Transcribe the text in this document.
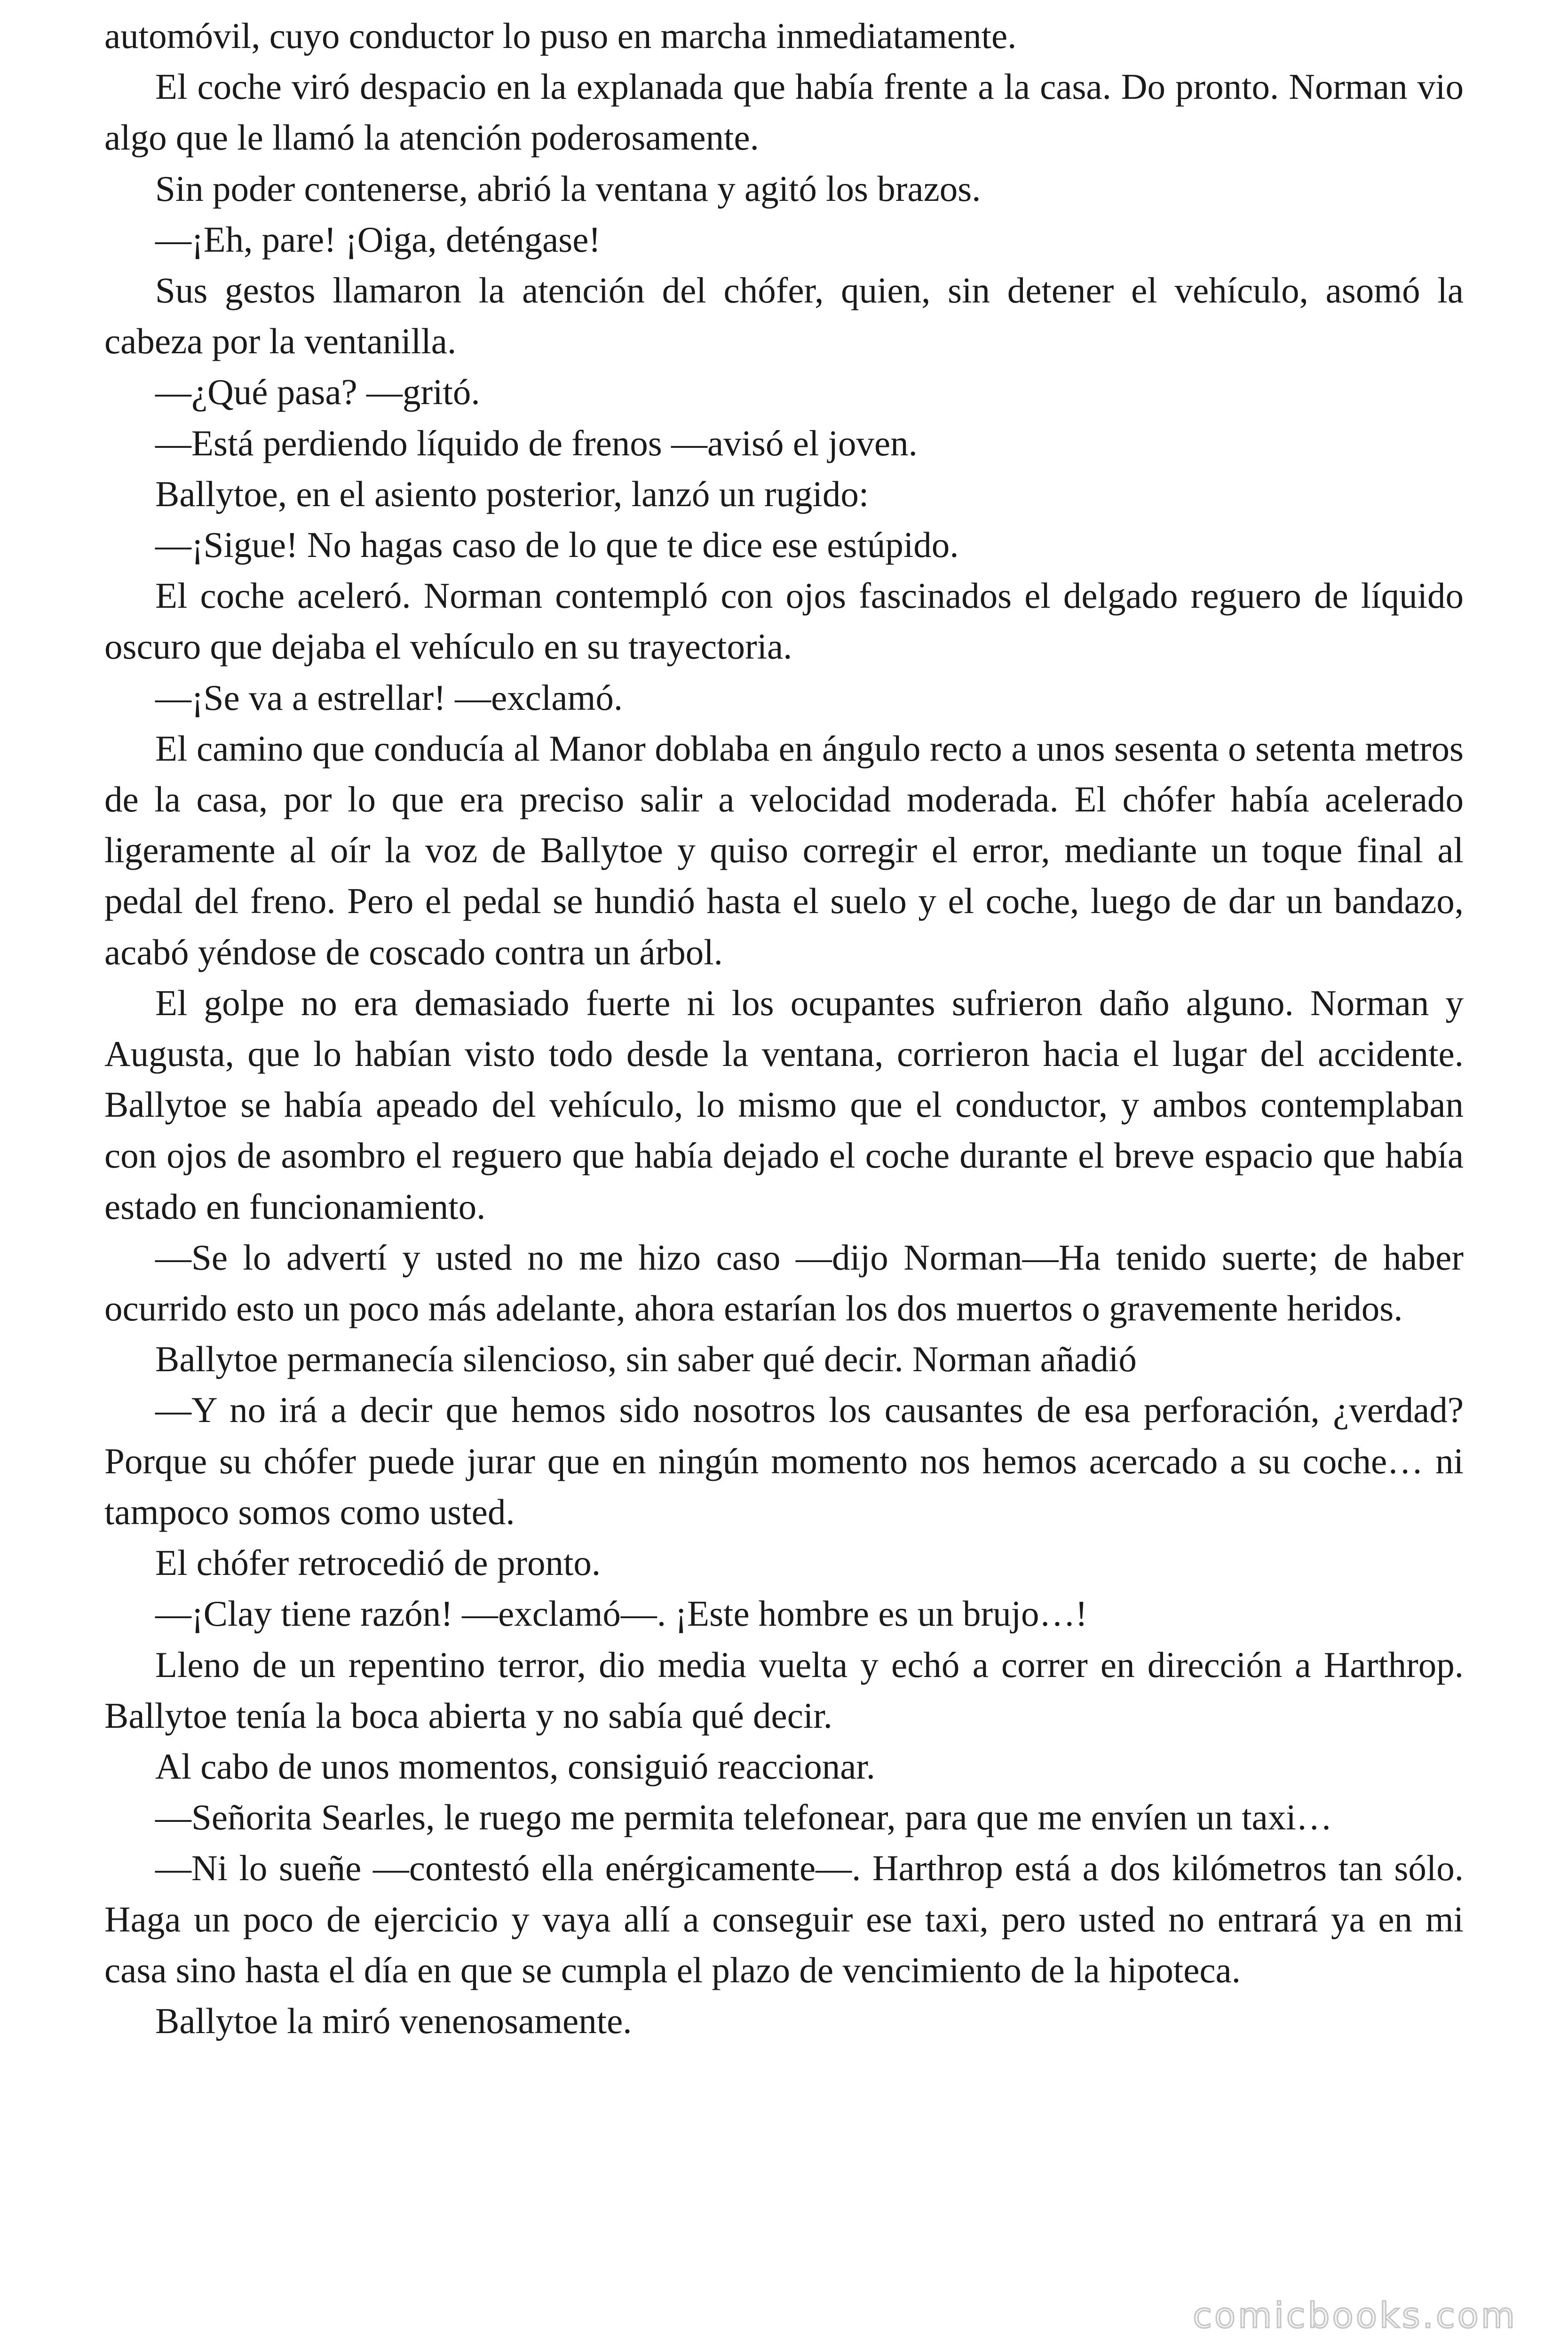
automóvil, cuyo conductor lo puso en marcha inmediatamente.

El coche viró despacio en la explanada que había frente a la casa. Do pronto. Norman vio algo que le llamó la atención poderosamente.

Sin poder contenerse, abrió la ventana y agitó los brazos.

—¡Eh, pare! ¡Oiga, deténgase!

Sus gestos llamaron la atención del chófer, quien, sin detener el vehículo, asomó la cabeza por la ventanilla.

—¿Qué pasa? —gritó.

—Está perdiendo líquido de frenos —avisó el joven.

Ballytoe, en el asiento posterior, lanzó un rugido:

—¡Sigue! No hagas caso de lo que te dice ese estúpido.

El coche aceleró. Norman contempló con ojos fascinados el delgado reguero de líquido oscuro que dejaba el vehículo en su trayectoria.

—¡Se va a estrellar! —exclamó.

El camino que conducía al Manor doblaba en ángulo recto a unos sesenta o setenta metros de la casa, por lo que era preciso salir a velocidad moderada. El chófer había acelerado ligeramente al oír la voz de Ballytoe y quiso corregir el error, mediante un toque final al pedal del freno. Pero el pedal se hundió hasta el suelo y el coche, luego de dar un bandazo, acabó yéndose de coscado contra un árbol.

El golpe no era demasiado fuerte ni los ocupantes sufrieron daño alguno. Norman y Augusta, que lo habían visto todo desde la ventana, corrieron hacia el lugar del accidente. Ballytoe se había apeado del vehículo, lo mismo que el conductor, y ambos contemplaban con ojos de asombro el reguero que había dejado el coche durante el breve espacio que había estado en funcionamiento.

—Se lo advertí y usted no me hizo caso —dijo Norman—Ha tenido suerte; de haber ocurrido esto un poco más adelante, ahora estarían los dos muertos o gravemente heridos.

Ballytoe permanecía silencioso, sin saber qué decir. Norman añadió

—Y no irá a decir que hemos sido nosotros los causantes de esa perforación, ¿verdad? Porque su chófer puede jurar que en ningún momento nos hemos acercado a su coche… ni tampoco somos como usted.

El chófer retrocedió de pronto.

—¡Clay tiene razón! —exclamó—. ¡Este hombre es un brujo…!

Lleno de un repentino terror, dio media vuelta y echó a correr en dirección a Harthrop. Ballytoe tenía la boca abierta y no sabía qué decir.

Al cabo de unos momentos, consiguió reaccionar.

—Señorita Searles, le ruego me permita telefonear, para que me envíen un taxi…

—Ni lo sueñe —contestó ella enérgicamente—. Harthrop está a dos kilómetros tan sólo. Haga un poco de ejercicio y vaya allí a conseguir ese taxi, pero usted no entrará ya en mi casa sino hasta el día en que se cumpla el plazo de vencimiento de la hipoteca.

Ballytoe la miró venenosamente.

comicbooks.com
